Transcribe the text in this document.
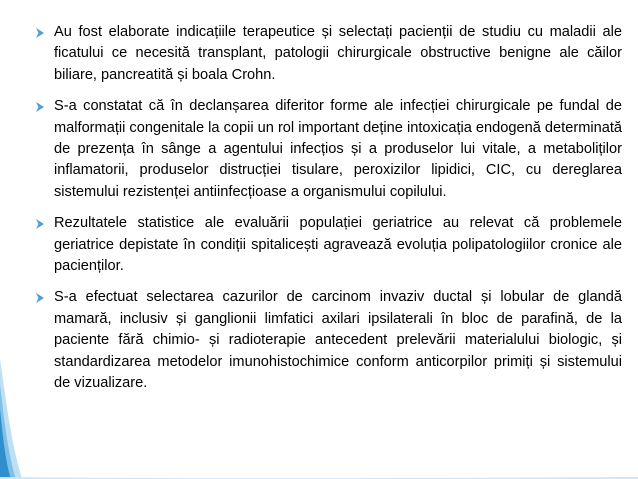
Au fost elaborate indicațiile terapeutice și selectați pacienții de studiu cu maladii ale ficatului ce necesită transplant, patologii chirurgicale obstructive benigne ale căilor biliare, pancreatită și boala Crohn.
S-a constatat că în declanșarea diferitor forme ale infecției chirurgicale pe fundal de malformații congenitale la copii un rol important deține intoxicația endogenă determinată de prezența în sânge a agentului infecțios și a produselor lui vitale, a metaboliților inflamatorii, produselor distrucției tisulare, peroxizilor lipidici, CIC, cu dereglarea sistemului rezistenței antiinfecțioase a organismului copilului.
Rezultatele statistice ale evaluării populației geriatrice au relevat că problemele geriatrice depistate în condiții spitalicești agravează evoluția polipatologiilor cronice ale pacienților.
S-a efectuat selectarea cazurilor de carcinom invaziv ductal și lobular de glandă mamară, inclusiv și ganglionii limfatici axilari ipsilaterali în bloc de parafină, de la paciente fără chimio- și radioterapie antecedent prelevării materialului biologic, și standardizarea metodelor imunohistochimice conform anticorpilor primiți și sistemului de vizualizare.
